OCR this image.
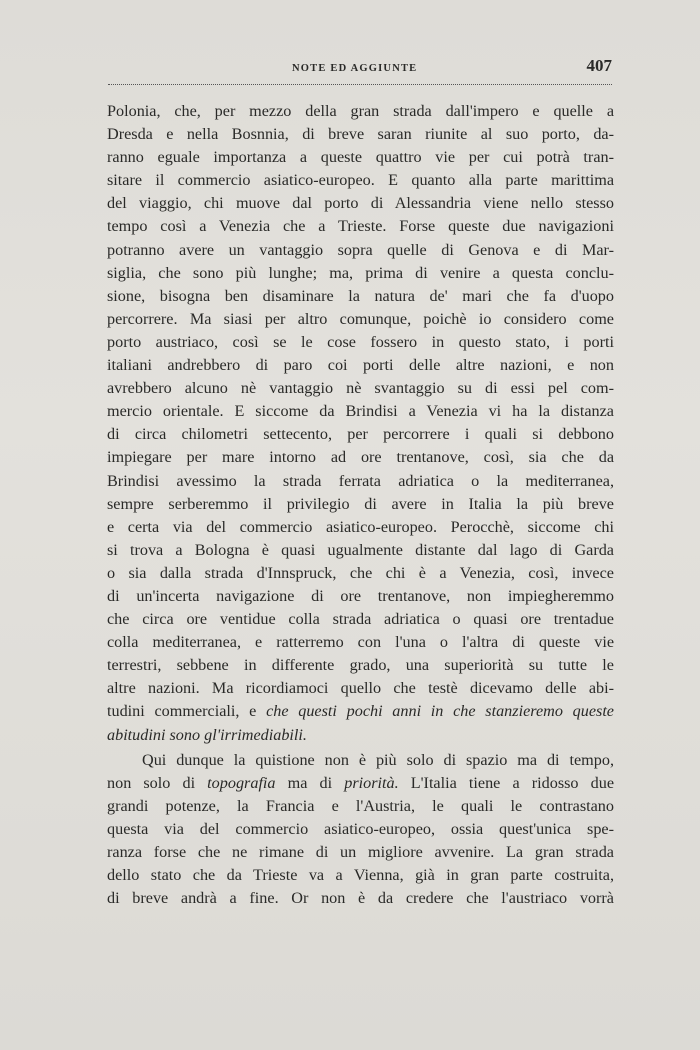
NOTE ED AGGIUNTE	407
Polonia, che, per mezzo della gran strada dall'impero e quelle a
Dresda e nella Bosnnia, di breve saran riunite al suo porto, da-
ranno eguale importanza a queste quattro vie per cui potrà tran-
sitare il commercio asiatico-europeo. E quanto alla parte marittima
del viaggio, chi muove dal porto di Alessandria viene nello stesso
tempo così a Venezia che a Trieste. Forse queste due navigazioni
potranno avere un vantaggio sopra quelle di Genova e di Mar-
siglia, che sono più lunghe; ma, prima di venire a questa conclu-
sione, bisogna ben disaminare la natura de' mari che fa d'uopo
percorrere. Ma siasi per altro comunque, poichè io considero come
porto austriaco, così se le cose fossero in questo stato, i porti
italiani andrebbero di paro coi porti delle altre nazioni, e non
avrebbero alcuno nè vantaggio nè svantaggio su di essi pel com-
mercio orientale. E siccome da Brindisi a Venezia vi ha la distanza
di circa chilometri settecento, per percorrere i quali si debbono
impiegare per mare intorno ad ore trentanove, così, sia che da
Brindisi avessimo la strada ferrata adriatica o la mediterranea,
sempre serberemmo il privilegio di avere in Italia la più breve
e certa via del commercio asiatico-europeo. Perocchè, siccome chi
si trova a Bologna è quasi ugualmente distante dal lago di Garda
o sia dalla strada d'Innspruck, che chi è a Venezia, così, invece
di un'incerta navigazione di ore trentanove, non impiegheremmo
che circa ore ventidue colla strada adriatica o quasi ore trentadue
colla mediterranea, e ratterremo con l'una o l'altra di queste vie
terrestri, sebbene in differente grado, una superiorità su tutte le
altre nazioni. Ma ricordiamoci quello che testè dicevamo delle abi-
tudini commerciali, e che questi pochi anni in che stanzieremo queste
abitudini sono gl'irrimediabili.
Qui dunque la quistione non è più solo di spazio ma di tempo,
non solo di topografia ma di priorità. L'Italia tiene a ridosso due
grandi potenze, la Francia e l'Austria, le quali le contrastano
questa via del commercio asiatico-europeo, ossia quest'unica spe-
ranza forse che ne rimane di un migliore avvenire. La gran strada
dello stato che da Trieste va a Vienna, già in gran parte costruita,
di breve andrà a fine. Or non è da credere che l'austriaco vorrà
